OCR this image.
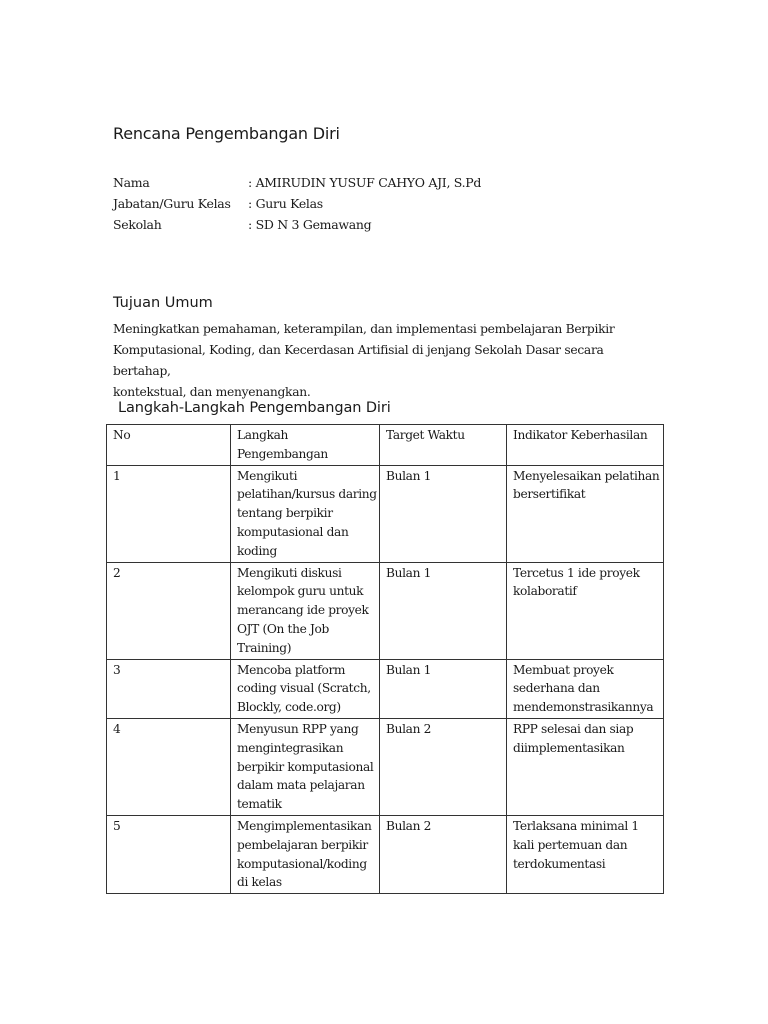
Rencana Pengembangan Diri
Nama	: AMIRUDIN YUSUF CAHYO AJI, S.Pd
Jabatan/Guru Kelas : Guru Kelas
Sekolah	: SD N 3 Gemawang
Tujuan Umum
Meningkatkan pemahaman, keterampilan, dan implementasi pembelajaran Berpikir
Komputasional, Koding, dan Kecerdasan Artifisial di jenjang Sekolah Dasar secara bertahap,
kontekstual, dan menyenangkan.
Langkah-Langkah Pengembangan Diri
No	Langkah Pengembangan	Target Waktu	Indikator Keberhasilan
1	Mengikuti pelatihan/kursus daring tentang berpikir komputasional dan koding	Bulan 1	Menyelesaikan pelatihan bersertifikat
2	Mengikuti diskusi kelompok guru untuk merancang ide proyek OJT (On the Job Training)	Bulan 1	Tercetus 1 ide proyek kolaboratif
3	Mencoba platform coding visual (Scratch, Blockly, code.org)	Bulan 1	Membuat proyek sederhana dan mendemonstrasikannya
4	Menyusun RPP yang mengintegrasikan berpikir komputasional dalam mata pelajaran tematik	Bulan 2	RPP selesai dan siap diimplementasikan
5	Mengimplementasikan pembelajaran berpikir komputasional/koding di kelas	Bulan 2	Terlaksana minimal 1 kali pertemuan dan terdokumentasi
